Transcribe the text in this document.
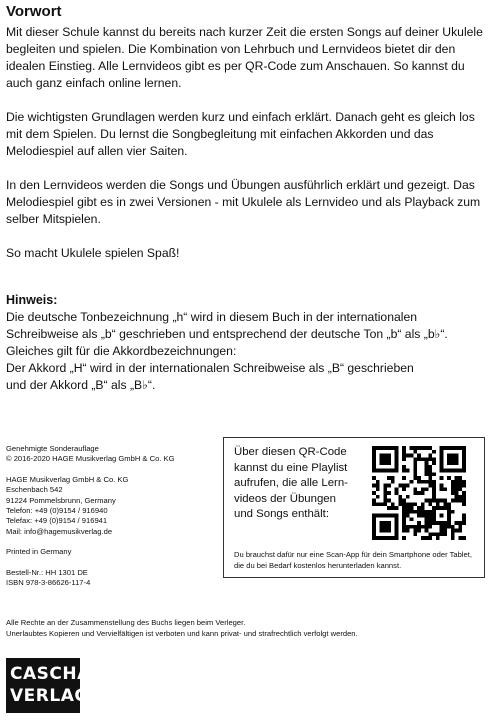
Vorwort

Mit dieser Schule kannst du bereits nach kurzer Zeit die ersten Songs auf deiner Ukulele begleiten und spielen. Die Kombination von Lehrbuch und Lernvideos bietet dir den idealen Einstieg. Alle Lernvideos gibt es per QR-Code zum Anschauen. So kannst du auch ganz einfach online lernen.

Die wichtigsten Grundlagen werden kurz und einfach erklärt. Danach geht es gleich los mit dem Spielen. Du lernst die Songbegleitung mit einfachen Akkorden und das Melodiespiel auf allen vier Saiten.

In den Lernvideos werden die Songs und Übungen ausführlich erklärt und gezeigt. Das Melodiespiel gibt es in zwei Versionen - mit Ukulele als Lernvideo und als Playback zum selber Mitspielen.

So macht Ukulele spielen Spaß!

Hinweis:

Die deutsche Tonbezeichnung „h“ wird in diesem Buch in der internationalen

Schreibweise als „b“ geschrieben und entsprechend der deutsche Ton „b“ als „b♭“.

Gleiches gilt für die Akkordbezeichnungen:

Der Akkord „H“ wird in der internationalen Schreibweise als „B“ geschrieben

und der Akkord „B“ als „B♭“.

Genehmigte Sonderauflage

© 2016-2020 HAGE Musikverlag GmbH & Co. KG

HAGE Musikverlag GmbH & Co. KG

Eschenbach 542

91224 Pommelsbrunn, Germany

Telefon: +49 (0)9154 / 916940

Telefax: +49 (0)9154 / 916941

Mail: info@hagemusikverlag.de

Printed in Germany

Bestell-Nr.: HH 1301 DE

ISBN 978-3-86626-117-4

Über diesen QR-Code

kannst du eine Playlist

aufrufen, die alle Lern-

videos der Übungen

und Songs enthält:

Du brauchst dafür nur eine Scan-App für dein Smartphone oder Tablet, die du bei Bedarf kostenlos herunterladen kannst.

Alle Rechte an der Zusammenstellung des Buchs liegen beim Verleger.

Unerlaubtes Kopieren und Vervielfältigen ist verboten und kann privat- und strafrechtlich verfolgt werden.

CASCHA
VERLAG
